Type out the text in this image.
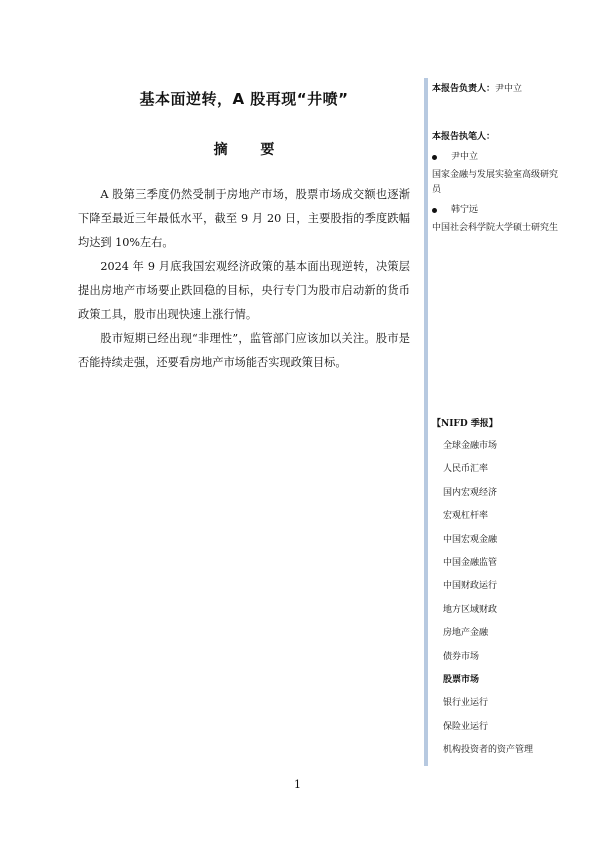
基本面逆转，A 股再现“井喷”
摘 要

A 股第三季度仍然受制于房地产市场，股票市场成交额也逐渐下降至最近三年最低水平，截至 9 月 20 日，主要股指的季度跌幅均达到 10%左右。

2024 年 9 月底我国宏观经济政策的基本面出现逆转，决策层提出房地产市场要止跌回稳的目标，央行专门为股市启动新的货币政策工具，股市出现快速上涨行情。

股市短期已经出现“非理性”，监管部门应该加以关注。股市是否能持续走强，还要看房地产市场能否实现政策目标。

本报告负责人：尹中立
本报告执笔人：
尹中立
国家金融与发展实验室高级研究员
韩宁远
中国社会科学院大学硕士研究生
【NIFD 季报】
全球金融市场
人民币汇率
国内宏观经济
宏观杠杆率
中国宏观金融
中国金融监管
中国财政运行
地方区域财政
房地产金融
债券市场
股票市场
银行业运行
保险业运行
机构投资者的资产管理
1
